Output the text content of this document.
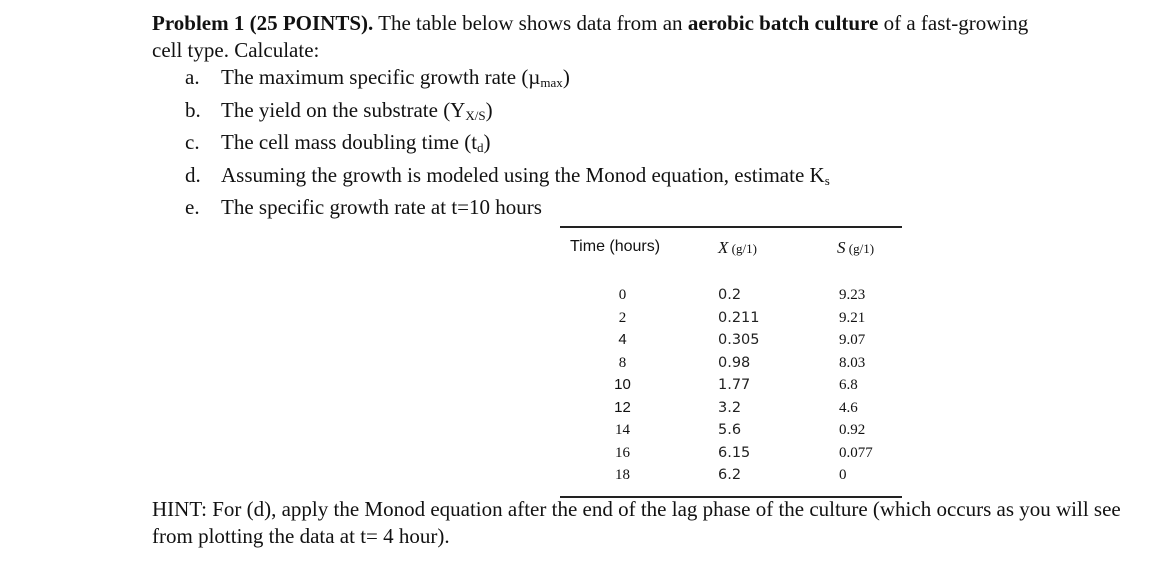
Problem 1 (25 POINTS). The table below shows data from an aerobic batch culture of a fast-growing cell type. Calculate:
a. The maximum specific growth rate (µ$_{max}$)
b. The yield on the substrate $(Y_{X/S})$
c. The cell mass doubling time $(t_d)$
d. Assuming the growth is modeled using the Monod equation, estimate $K_s$
e. The specific growth rate at t=10 hours
Time (hours)
0
2
4
8
10
12
14
16
18
X (g/1)
0.2
0.211
0.305
0.98
1.77
3.2
5.6
6.15
6.2
S (g/1)
9.23
9.21
9.07
8.03
6.8
4.6
0.92
0.077
0
HINT: For (d), apply the Monod equation after the end of the lag phase of the culture (which occurs as you will see from plotting the data at t= 4 hour).
